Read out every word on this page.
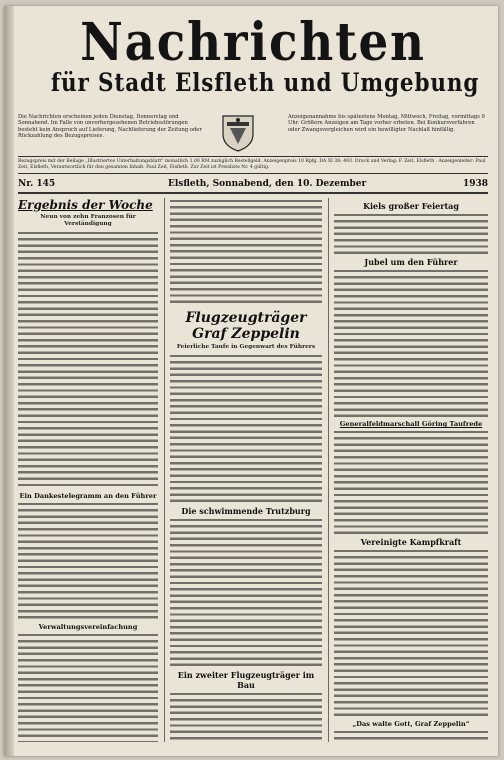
Nachrichten
für Stadt Elsfleth und Umgebung
Die Nachrichten erscheinen jeden Dienstag, Donnerstag und Sonnabend. Im Falle von unvorhergesehenen Betriebsstörungen besteht kein Anspruch auf Lieferung, Nachlieferung der Zeitung oder Rückzahlung des Bezugspreises.
Anzeigenannahme bis spätestens Montag, Mittwoch, Freitag, vormittags 9 Uhr. Größere Anzeigen am Tage vorher erbeten. Bei Konkursverfahren oder Zwangsvergleichen wird ein bewilligter Nachlaß hinfällig.
Bezugspreis mit der Beilage „Illustriertes Unterhaltungsblatt“ monatlich 1,00 RM zuzüglich Bestellgeld. Anzeigenpreis 10 Rpfg. DA XI 38: 493. Druck und Verlag: F. Zeit, Elsfleth · Anzeigenleiter: Paul Zeit, Elsfleth, Verantwortlich für den gesamten Inhalt: Paul Zeit, Elsfleth. Zur Zeit ist Preisliste Nr. 4 gültig.
Nr. 145	Elsfleth, Sonnabend, den 10. Dezember	1938
Ergebnis der Woche
Neun von zehn Franzosen für Verständigung
Ein Dankestelegramm an den Führer
Verwaltungsvereinfachung
Flugzeugträger Graf Zeppelin
Feierliche Taufe in Gegenwart des Führers
Die schwimmende Trutzburg
Ein zweiter Flugzeugträger im Bau
Kiels großer Feiertag
Jubel um den Führer
Generalfeldmarschall Göring Taufrede
Vereinigte Kampfkraft
„Das walte Gott, Graf Zeppelin“
